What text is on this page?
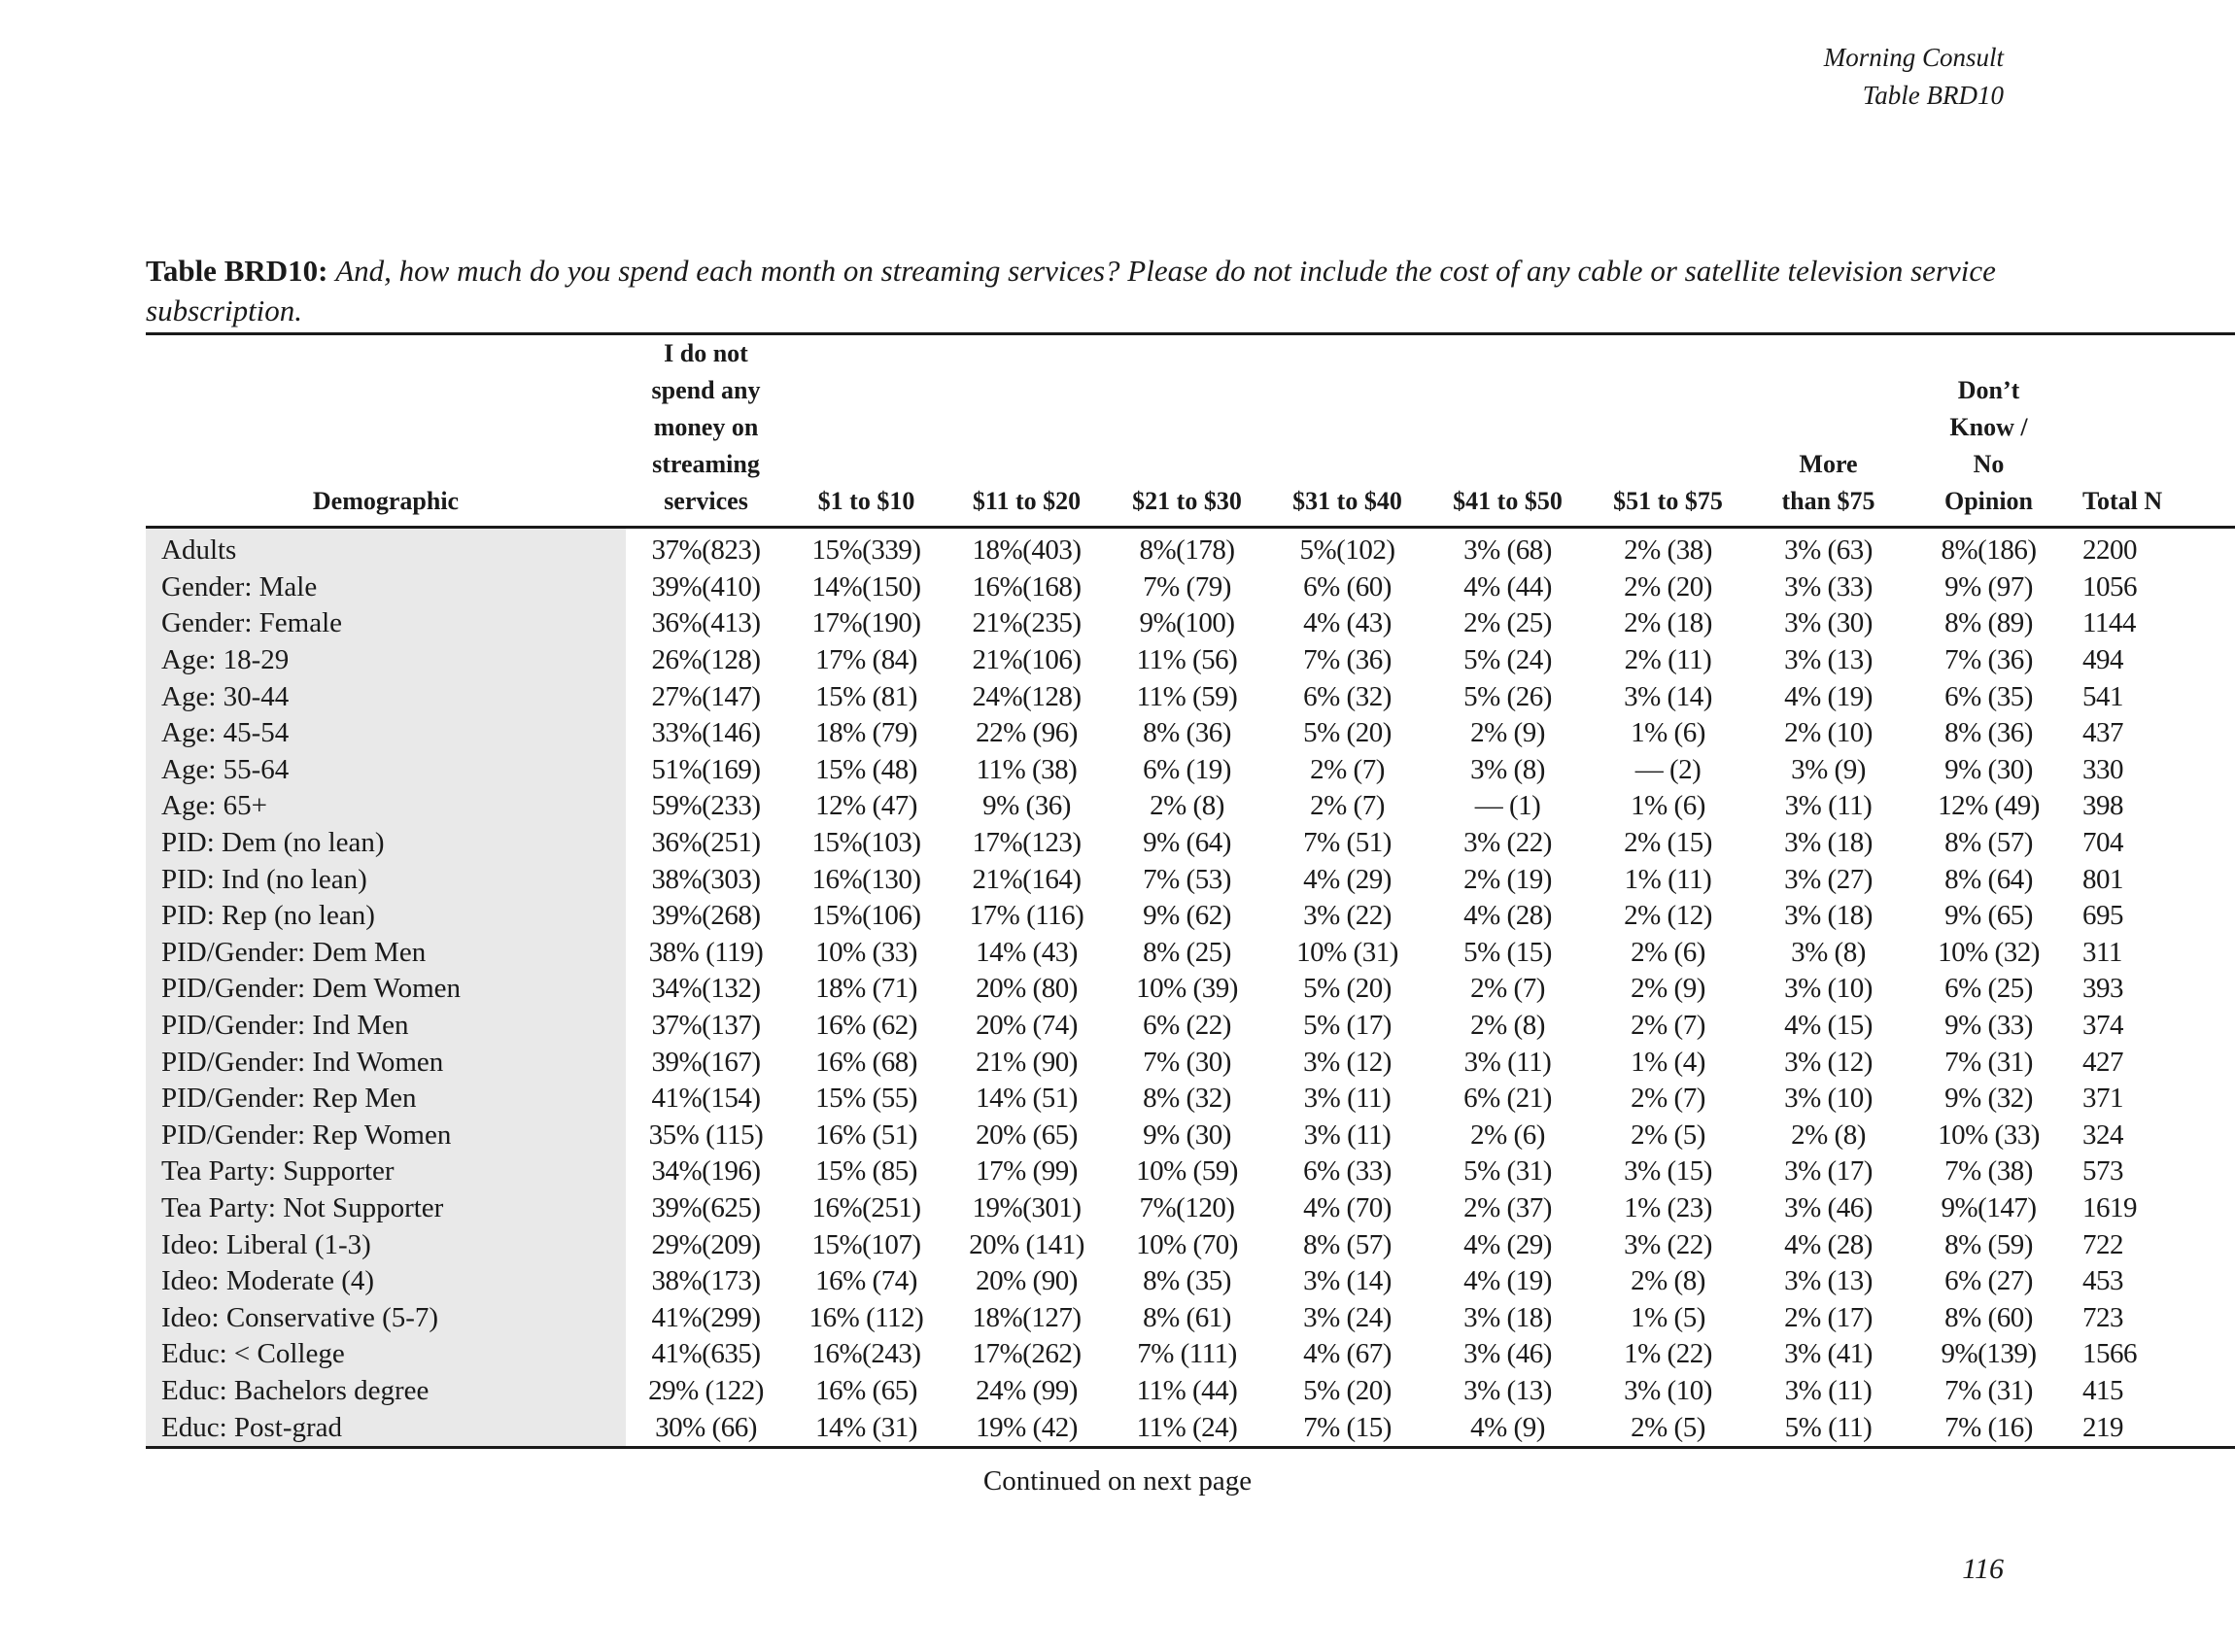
Morning Consult
Table BRD10
Table BRD10: And, how much do you spend each month on streaming services? Please do not include the cost of any cable or satellite television service subscription.
Demographic	I do not spend any money on streaming services	$1 to $10	$11 to $20	$21 to $30	$31 to $40	$41 to $50	$51 to $75	More than $75	Don’t Know / No Opinion	Total N
Adults	37%(823)	15%(339)	18%(403)	8%(178)	5%(102)	3% (68)	2% (38)	3% (63)	8%(186)	2200
Gender: Male	39%(410)	14%(150)	16%(168)	7% (79)	6% (60)	4% (44)	2% (20)	3% (33)	9% (97)	1056
Gender: Female	36%(413)	17%(190)	21%(235)	9%(100)	4% (43)	2% (25)	2% (18)	3% (30)	8% (89)	1144
Age: 18-29	26%(128)	17% (84)	21%(106)	11% (56)	7% (36)	5% (24)	2% (11)	3% (13)	7% (36)	494
Age: 30-44	27%(147)	15% (81)	24%(128)	11% (59)	6% (32)	5% (26)	3% (14)	4% (19)	6% (35)	541
Age: 45-54	33%(146)	18% (79)	22% (96)	8% (36)	5% (20)	2% (9)	1% (6)	2% (10)	8% (36)	437
Age: 55-64	51%(169)	15% (48)	11% (38)	6% (19)	2% (7)	3% (8)	— (2)	3% (9)	9% (30)	330
Age: 65+	59%(233)	12% (47)	9% (36)	2% (8)	2% (7)	— (1)	1% (6)	3% (11)	12% (49)	398
PID: Dem (no lean)	36%(251)	15%(103)	17%(123)	9% (64)	7% (51)	3% (22)	2% (15)	3% (18)	8% (57)	704
PID: Ind (no lean)	38%(303)	16%(130)	21%(164)	7% (53)	4% (29)	2% (19)	1% (11)	3% (27)	8% (64)	801
PID: Rep (no lean)	39%(268)	15%(106)	17% (116)	9% (62)	3% (22)	4% (28)	2% (12)	3% (18)	9% (65)	695
PID/Gender: Dem Men	38% (119)	10% (33)	14% (43)	8% (25)	10% (31)	5% (15)	2% (6)	3% (8)	10% (32)	311
PID/Gender: Dem Women	34%(132)	18% (71)	20% (80)	10% (39)	5% (20)	2% (7)	2% (9)	3% (10)	6% (25)	393
PID/Gender: Ind Men	37%(137)	16% (62)	20% (74)	6% (22)	5% (17)	2% (8)	2% (7)	4% (15)	9% (33)	374
PID/Gender: Ind Women	39%(167)	16% (68)	21% (90)	7% (30)	3% (12)	3% (11)	1% (4)	3% (12)	7% (31)	427
PID/Gender: Rep Men	41%(154)	15% (55)	14% (51)	8% (32)	3% (11)	6% (21)	2% (7)	3% (10)	9% (32)	371
PID/Gender: Rep Women	35% (115)	16% (51)	20% (65)	9% (30)	3% (11)	2% (6)	2% (5)	2% (8)	10% (33)	324
Tea Party: Supporter	34%(196)	15% (85)	17% (99)	10% (59)	6% (33)	5% (31)	3% (15)	3% (17)	7% (38)	573
Tea Party: Not Supporter	39%(625)	16%(251)	19%(301)	7%(120)	4% (70)	2% (37)	1% (23)	3% (46)	9%(147)	1619
Ideo: Liberal (1-3)	29%(209)	15%(107)	20% (141)	10% (70)	8% (57)	4% (29)	3% (22)	4% (28)	8% (59)	722
Ideo: Moderate (4)	38%(173)	16% (74)	20% (90)	8% (35)	3% (14)	4% (19)	2% (8)	3% (13)	6% (27)	453
Ideo: Conservative (5-7)	41%(299)	16% (112)	18%(127)	8% (61)	3% (24)	3% (18)	1% (5)	2% (17)	8% (60)	723
Educ: < College	41%(635)	16%(243)	17%(262)	7% (111)	4% (67)	3% (46)	1% (22)	3% (41)	9%(139)	1566
Educ: Bachelors degree	29% (122)	16% (65)	24% (99)	11% (44)	5% (20)	3% (13)	3% (10)	3% (11)	7% (31)	415
Educ: Post-grad	30% (66)	14% (31)	19% (42)	11% (24)	7% (15)	4% (9)	2% (5)	5% (11)	7% (16)	219
Continued on next page
116
